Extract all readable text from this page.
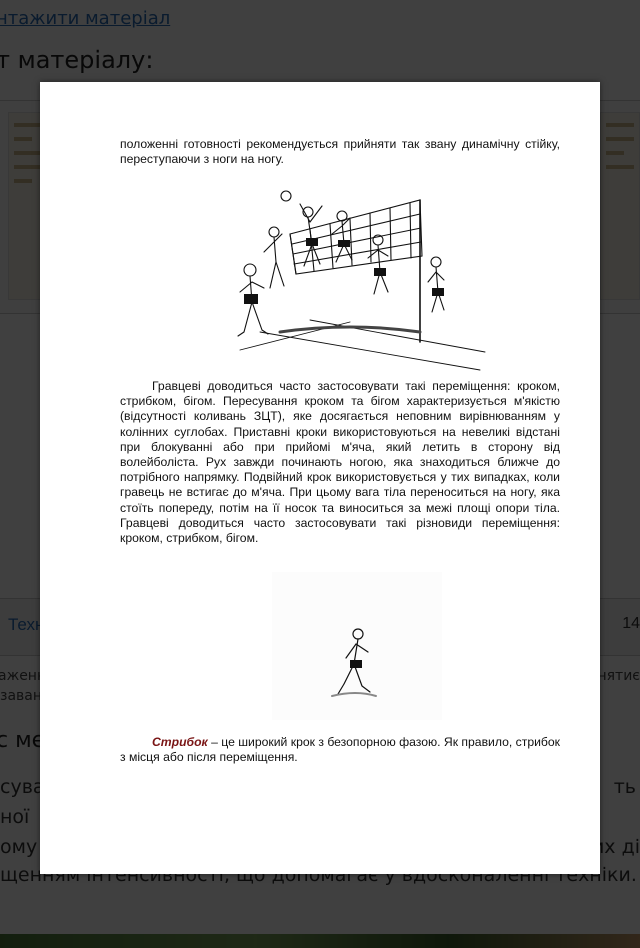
положенні готовності рекомендується прийняти так звану динамічну стійку, переступаючи з ноги на ногу.
Гравцеві доводиться часто застосовувати такі переміщення: кроком, стрибком, бігом. Пересування кроком та бігом характеризується м'якістю (відсутності коливань ЗЦТ), яке досягається неповним вирівнюванням у колінних суглобах. Приставні кроки використовуються на невеликі відстані при блокуванні або при прийомі м'яча, який летить в сторону від волейболіста. Рух завжди починають ногою, яка знаходиться ближче до потрібного напрямку. Подвійний крок використовується у тих випадках, коли гравець не встигає до м'яча. При цьому вага тіла переноситься на ногу, яка стоїть попереду, потім на її носок та виноситься за межі площі опори тіла. Гравцеві доводиться часто застосовувати такі різновиди переміщення: кроком, стрибком, бігом.
Стрибок – це широкий крок з безопорною фазою. Як правило, стрибок з місця або після переміщення.
